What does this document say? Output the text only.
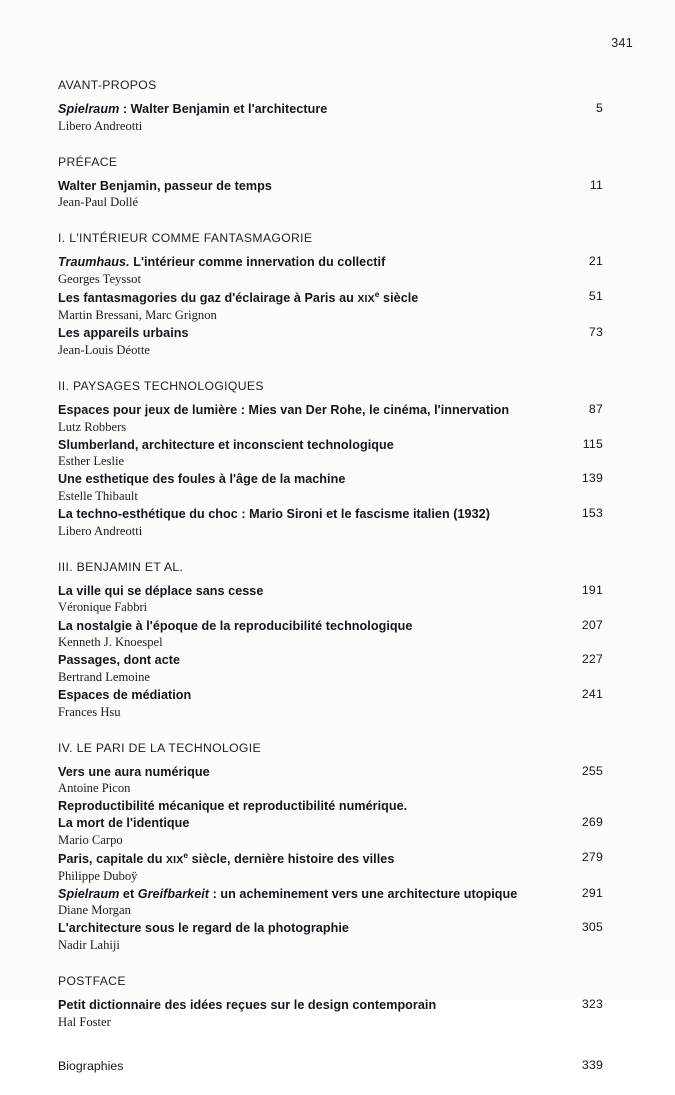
341
AVANT-PROPOS
Spielraum : Walter Benjamin et l'architecture
Libero Andreotti
5
PRÉFACE
Walter Benjamin, passeur de temps
Jean-Paul Dollé
11
I. L'INTÉRIEUR COMME FANTASMAGORIE
Traumhaus. L'intérieur comme innervation du collectif
Georges Teyssot
21
Les fantasmagories du gaz d'éclairage à Paris au XIXe siècle
Martin Bressani, Marc Grignon
51
Les appareils urbains
Jean-Louis Déotte
73
II. PAYSAGES TECHNOLOGIQUES
Espaces pour jeux de lumière : Mies van Der Rohe, le cinéma, l'innervation
Lutz Robbers
87
Slumberland, architecture et inconscient technologique
Esther Leslie
115
Une esthetique des foules à l'âge de la machine
Estelle Thibault
139
La techno-esthétique du choc : Mario Sironi et le fascisme italien (1932)
Libero Andreotti
153
III. BENJAMIN ET AL.
La ville qui se déplace sans cesse
Véronique Fabbri
191
La nostalgie à l'époque de la reproducibilité technologique
Kenneth J. Knoespel
207
Passages, dont acte
Bertrand Lemoine
227
Espaces de médiation
Frances Hsu
241
IV. LE PARI DE LA TECHNOLOGIE
Vers une aura numérique
Antoine Picon
255
Reproductibilité mécanique et reproductibilité numérique.
La mort de l'identique
Mario Carpo
269
Paris, capitale du XIXe siècle, dernière histoire des villes
Philippe Duboÿ
279
Spielraum et Greifbarkeit : un acheminement vers une architecture utopique
Diane Morgan
291
L'architecture sous le regard de la photographie
Nadir Lahiji
305
POSTFACE
Petit dictionnaire des idées reçues sur le design contemporain
Hal Foster
323
Biographies	339
